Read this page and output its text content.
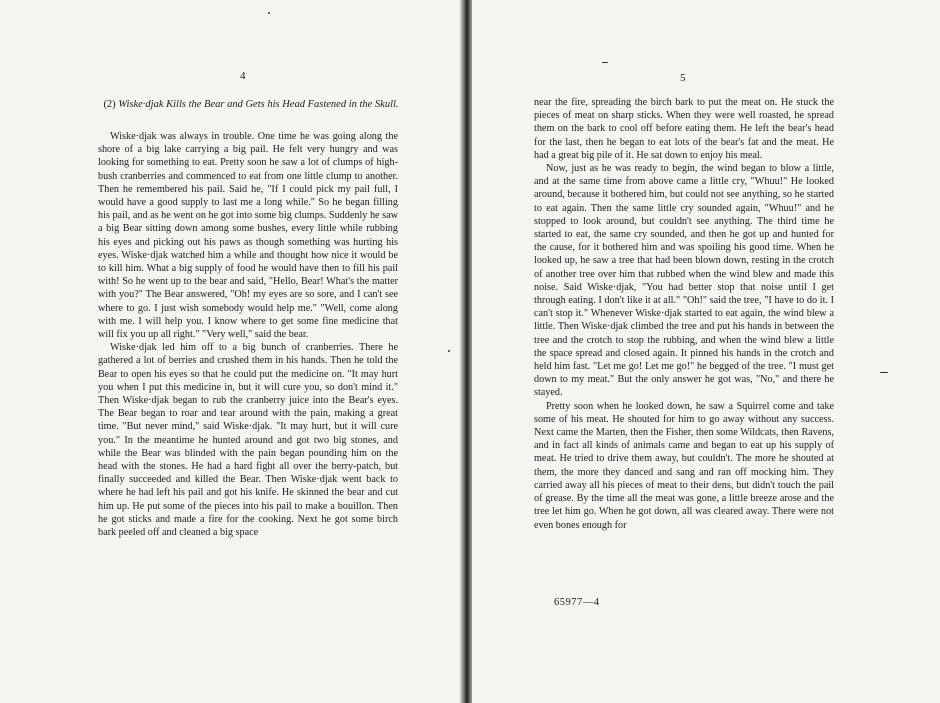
4
(2) Wiske·djak Kills the Bear and Gets his Head Fastened in the Skull.

Wiske·djak was always in trouble. One time he was going along the shore of a big lake carrying a big pail. He felt very hungry and was looking for something to eat. Pretty soon he saw a lot of clumps of high-bush cranberries and commenced to eat from one little clump to another. Then he remembered his pail. Said he, "If I could pick my pail full, I would have a good supply to last me a long while." So he began filling his pail, and as he went on he got into some big clumps. Suddenly he saw a big Bear sitting down among some bushes, every little while rubbing his eyes and picking out his paws as though something was hurting his eyes. Wiske·djak watched him a while and thought how nice it would be to kill him. What a big supply of food he would have then to fill his pail with! So he went up to the bear and said, "Hello, Bear! What's the matter with you?" The Bear answered, "Oh! my eyes are so sore, and I can't see where to go. I just wish somebody would help me." "Well, come along with me. I will help you. I know where to get some fine medicine that will fix you up all right." "Very well," said the bear.

Wiske·djak led him off to a big bunch of cranberries. There he gathered a lot of berries and crushed them in his hands. Then he told the Bear to open his eyes so that he could put the medicine on. "It may hurt you when I put this medicine in, but it will cure you, so don't mind it." Then Wiske·djak began to rub the cranberry juice into the Bear's eyes. The Bear began to roar and tear around with the pain, making a great time. "But never mind," said Wiske·djak. "It may hurt, but it will cure you." In the meantime he hunted around and got two big stones, and while the Bear was blinded with the pain began pounding him on the head with the stones. He had a hard fight all over the berry-patch, but finally succeeded and killed the Bear. Then Wiske·djak went back to where he had left his pail and got his knife. He skinned the bear and cut him up. He put some of the pieces into his pail to make a bouillon. Then he got sticks and made a fire for the cooking. Next he got some birch bark peeled off and cleaned a big space

5

near the fire, spreading the birch bark to put the meat on. He stuck the pieces of meat on sharp sticks. When they were well roasted, he spread them on the bark to cool off before eating them. He left the bear's head for the last, then he began to eat lots of the bear's fat and the meat. He had a great big pile of it. He sat down to enjoy his meal.

Now, just as he was ready to begin, the wind began to blow a little, and at the same time from above came a little cry, "Whuu!" He looked around, because it bothered him, but could not see anything, so he started to eat again. Then the same little cry sounded again, "Whuu!" and he stopped to look around, but couldn't see anything. The third time he started to eat, the same cry sounded, and then he got up and hunted for the cause, for it bothered him and was spoiling his good time. When he looked up, he saw a tree that had been blown down, resting in the crotch of another tree over him that rubbed when the wind blew and made this noise. Said Wiske·djak, "You had better stop that noise until I get through eating. I don't like it at all." "Oh!" said the tree, "I have to do it. I can't stop it." Whenever Wiske·djak started to eat again, the wind blew a little. Then Wiske·djak climbed the tree and put his hands in between the tree and the crotch to stop the rubbing, and when the wind blew a little the space spread and closed again. It pinned his hands in the crotch and held him fast. "Let me go! Let me go!" he begged of the tree. "I must get down to my meat." But the only answer he got was, "No," and there he stayed.

Pretty soon when he looked down, he saw a Squirrel come and take some of his meat. He shouted for him to go away without any success. Next came the Marten, then the Fisher, then some Wildcats, then Ravens, and in fact all kinds of animals came and began to eat up his supply of meat. He tried to drive them away, but couldn't. The more he shouted at them, the more they danced and sang and ran off mocking him. They carried away all his pieces of meat to their dens, but didn't touch the pail of grease. By the time all the meat was gone, a little breeze arose and the tree let him go. When he got down, all was cleared away. There were not even bones enough for

65977—4
